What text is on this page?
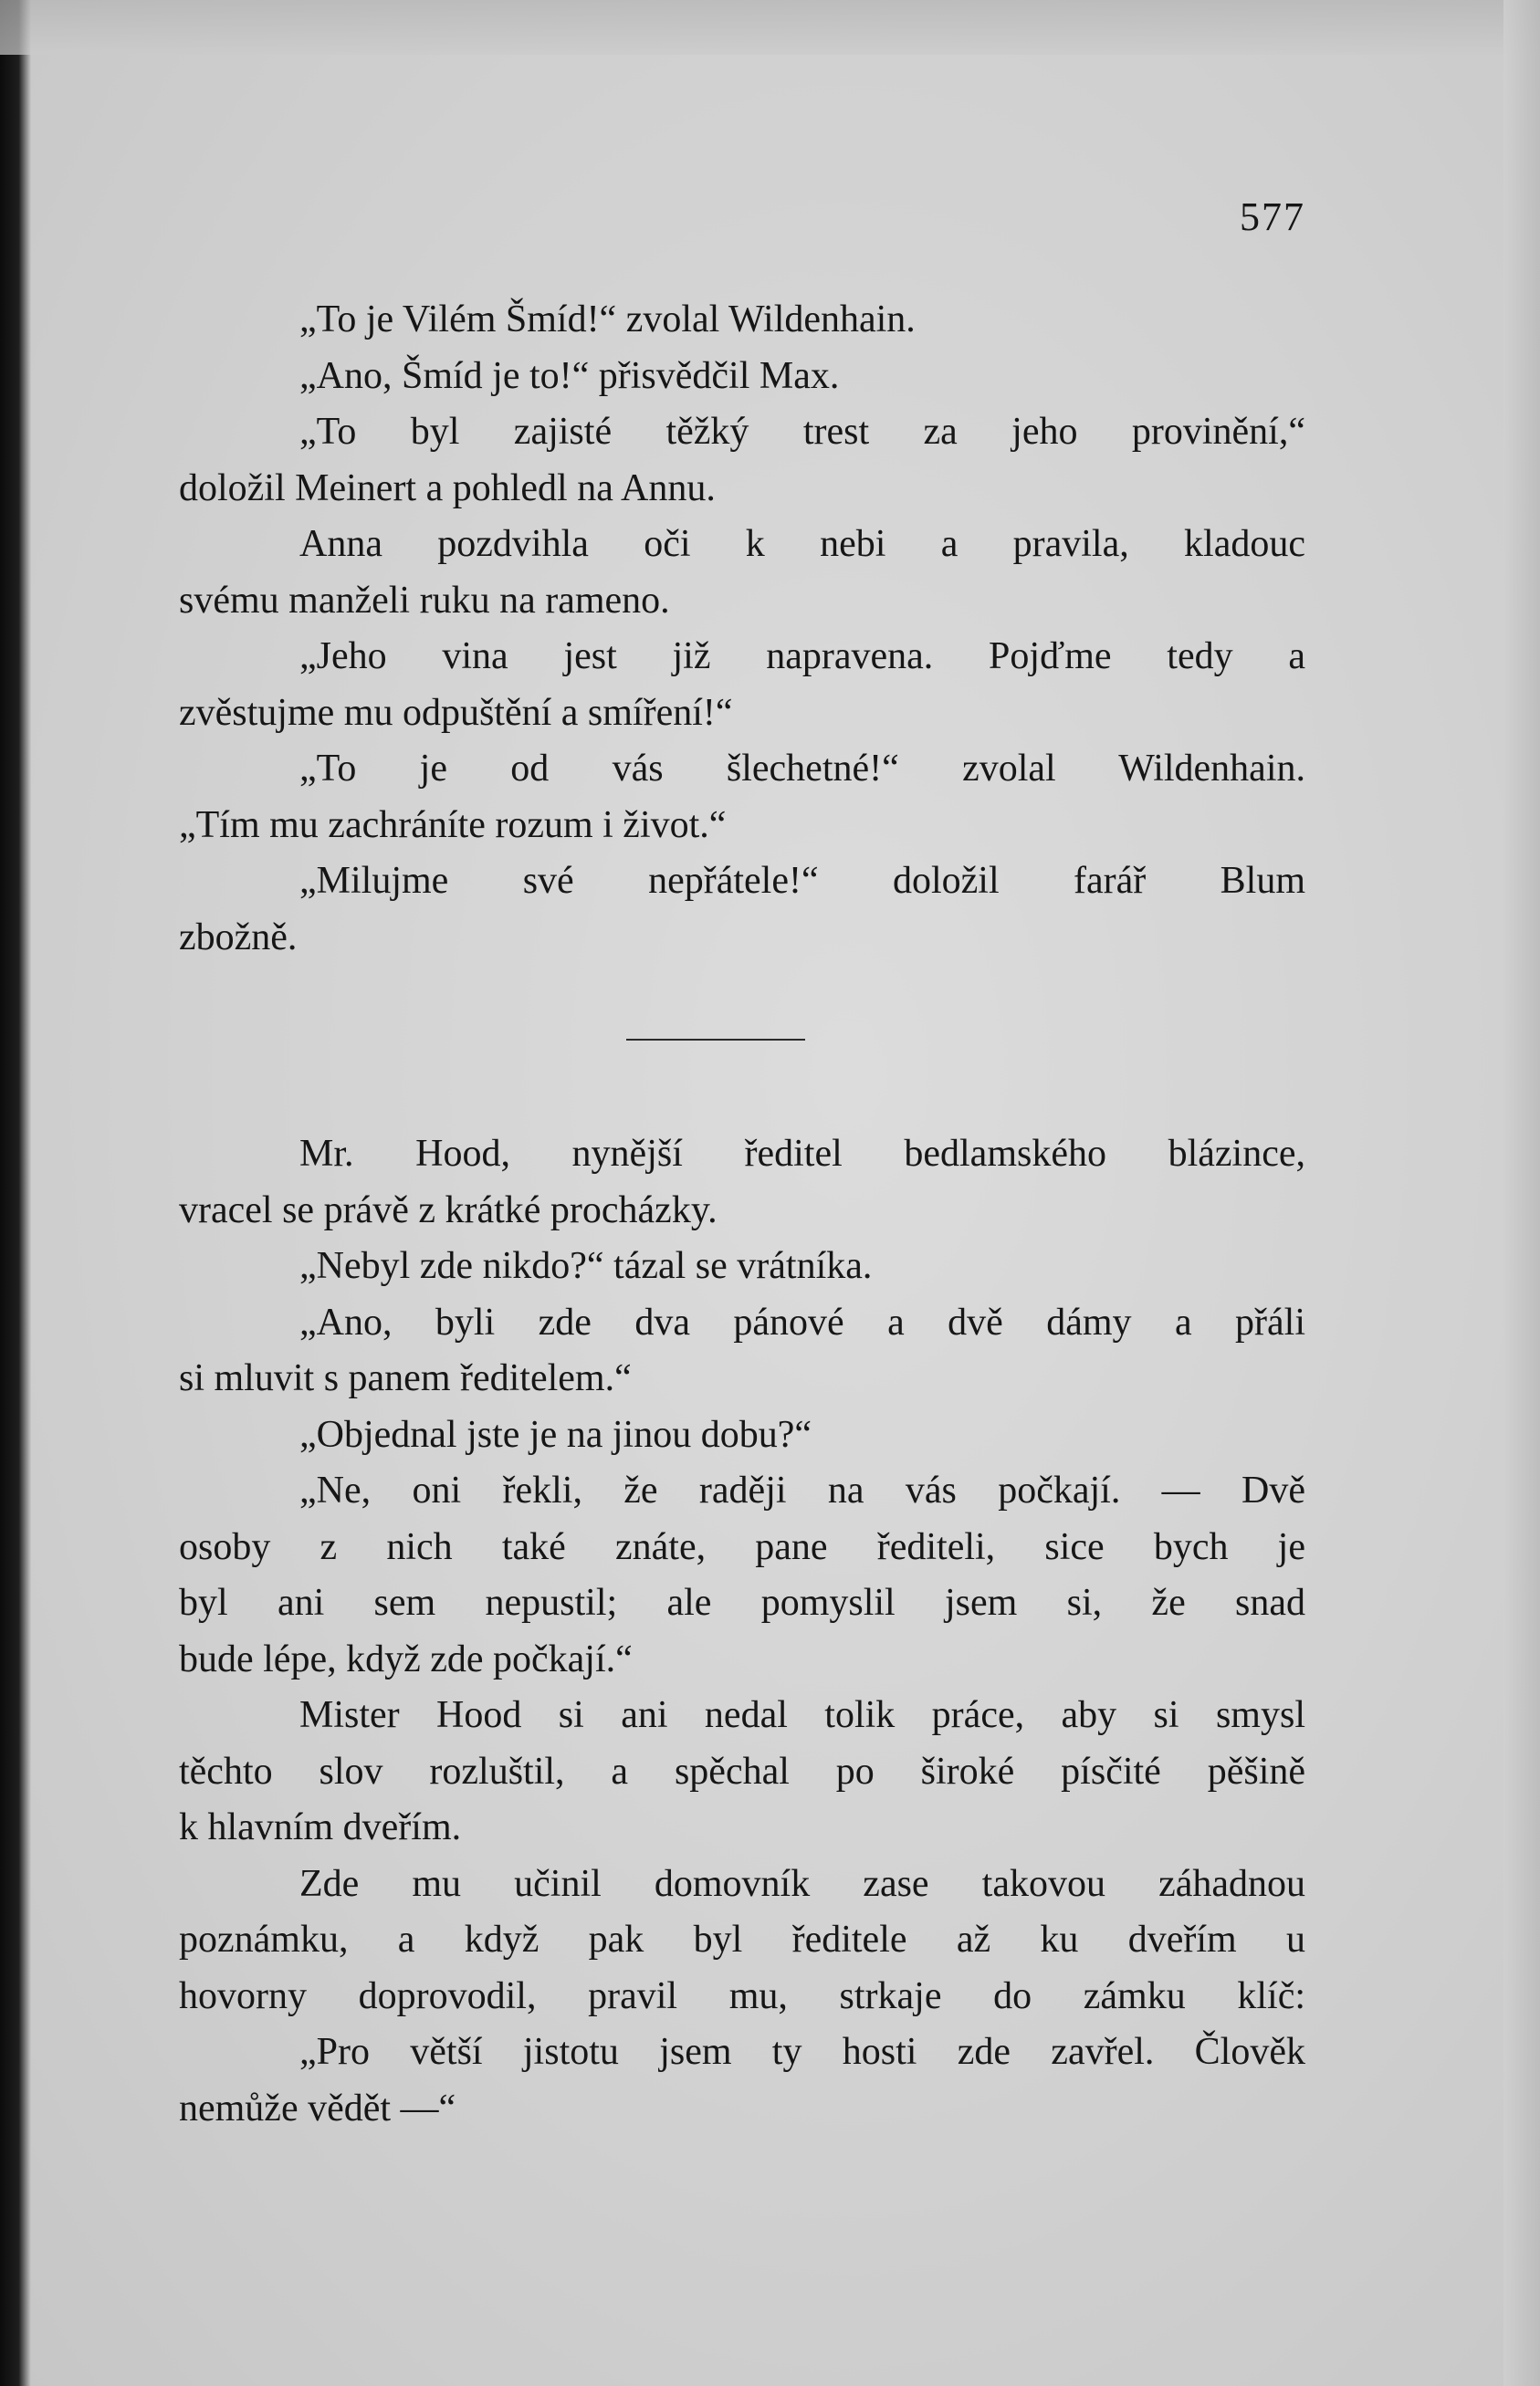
577
„To je Vilém Šmíd!“ zvolal Wildenhain.
„Ano, Šmíd je to!“ přisvědčil Max.
„To byl zajisté těžký trest za jeho provinění,“
doložil Meinert a pohledl na Annu.
Anna pozdvihla oči k nebi a pravila, kladouc
svému manželi ruku na rameno.
„Jeho vina jest již napravena. Pojďme tedy a
zvěstujme mu odpuštění a smíření!“
„To je od vás šlechetné!“ zvolal Wildenhain.
„Tím mu zachráníte rozum i život.“
„Milujme své nepřátele!“ doložil farář Blum
zbožně.
Mr. Hood, nynější ředitel bedlamského blázince,
vracel se právě z krátké procházky.
„Nebyl zde nikdo?“ tázal se vrátníka.
„Ano, byli zde dva pánové a dvě dámy a přáli
si mluvit s panem ředitelem.“
„Objednal jste je na jinou dobu?“
„Ne, oni řekli, že raději na vás počkají. — Dvě
osoby z nich také znáte, pane řediteli, sice bych je
byl ani sem nepustil; ale pomyslil jsem si, že snad
bude lépe, když zde počkají.“
Mister Hood si ani nedal tolik práce, aby si smysl
těchto slov rozluštil, a spěchal po široké písčité pěšině
k hlavním dveřím.
Zde mu učinil domovník zase takovou záhadnou
poznámku, a když pak byl ředitele až ku dveřím u
hovorny doprovodil, pravil mu, strkaje do zámku klíč:
„Pro větší jistotu jsem ty hosti zde zavřel. Člověk
nemůže vědět —“
